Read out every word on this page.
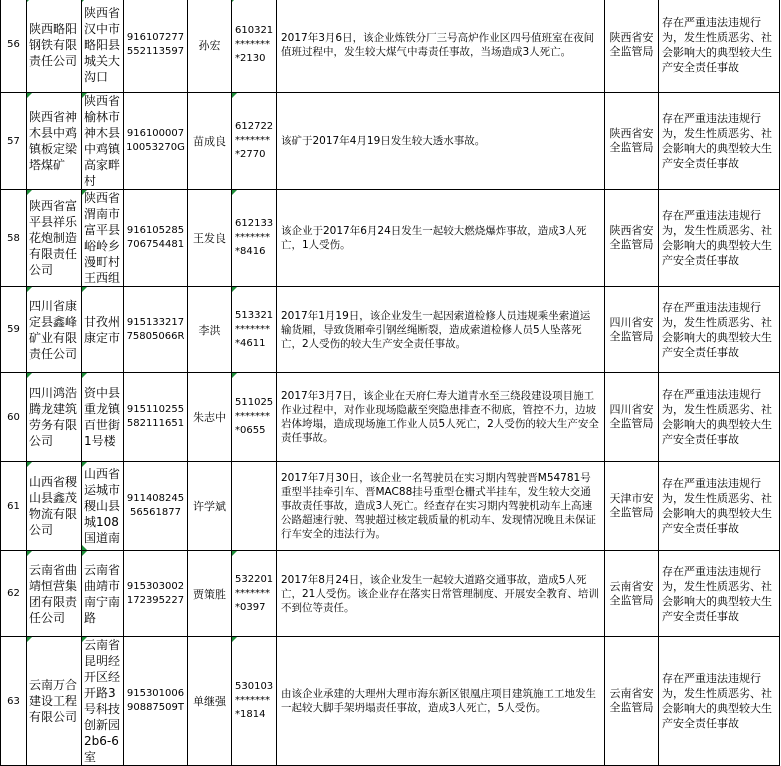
56	陕西略阳钢铁有限责任公司	陕西省汉中市略阳县城关大沟口	916107277552113597	孙宏	610321********2130	2017年3月6日，该企业炼铁分厂三号高炉作业区四号值班室在夜间值班过程中，发生较大煤气中毒责任事故，当场造成3人死亡。	陕西省安全监管局	存在严重违法违规行为，发生性质恶劣、社会影响大的典型较大生产安全责任事故
57	陕西省神木县中鸡镇板定梁塔煤矿	陕西省榆林市神木县中鸡镇高家畔村	91610000710053270G	苗成良	612722********2770	该矿于2017年4月19日发生较大透水事故。	陕西省安全监管局	存在严重违法违规行为，发生性质恶劣、社会影响大的典型较大生产安全责任事故
58	陕西省富平县祥乐花炮制造有限责任公司	陕西省渭南市富平县峪岭乡漫町村王西组	916105285706754481	王发良	612133********8416	该企业于2017年6月24日发生一起较大燃烧爆炸事故，造成3人死亡，1人受伤。	陕西省安全监管局	存在严重违法违规行为，发生性质恶劣、社会影响大的典型较大生产安全责任事故
59	四川省康定县鑫峰矿业有限责任公司	甘孜州康定市	91513321775805066R	李洪	513321********4611	2017年1月19日，该企业发生一起因索道检修人员违规乘坐索道运输货厢，导致货厢牵引钢丝绳断裂，造成索道检修人员5人坠落死亡，2人受伤的较大生产安全责任事故。	四川省安全监管局	存在严重违法违规行为，发生性质恶劣、社会影响大的典型较大生产安全责任事故
60	四川鸿浩腾龙建筑劳务有限公司	资中县重龙镇百世街1号楼	915110255582111651	朱志中	511025********0655	2017年3月7日，该企业在天府仁寿大道青水至三绕段建设项目施工作业过程中，对作业现场隐蔽至突隐患排查不彻底，管控不力，边坡岩体垮塌，造成现场施工作业人员5人死亡，2人受伤的较大生产安全责任事故。	四川省安全监管局	存在严重违法违规行为，发生性质恶劣、社会影响大的典型较大生产安全责任事故
61	山西省稷山县鑫茂物流有限公司	山西省运城市稷山县城108国道南	91140824556561877	许学斌		2017年7月30日，该企业一名驾驶员在实习期内驾驶晋M54781号重型半挂牵引车、晋MAC88挂号重型仓栅式半挂车，发生较大交通事故责任事故，造成3人死亡。经查存在实习期内驾驶机动车上高速公路超速行驶、驾驶超过核定载质量的机动车、发现情况晚且未保证行车安全的违法行为。	天津市安全监管局	存在严重违法违规行为，发生性质恶劣、社会影响大的典型较大生产安全责任事故
62	云南省曲靖恒营集团有限责任公司	云南省曲靖市南宁南路	915303002172395227	贾策胜	532201********0397	2017年8月24日，该企业发生一起较大道路交通事故，造成5人死亡，21人受伤。该企业存在落实日常管理制度、开展安全教育、培训不到位等责任。	云南省安全监管局	存在严重违法违规行为，发生性质恶劣、社会影响大的典型较大生产安全责任事故
63	云南万合建设工程有限公司	云南省昆明经开区经开路3号科技创新园2b6-6室	91530100690887509T	单继强	530103********1814	由该企业承建的大理州大理市海东新区银凰庄项目建筑施工工地发生一起较大脚手架坍塌责任事故，造成3人死亡，5人受伤。	云南省安全监管局	存在严重违法违规行为，发生性质恶劣、社会影响大的典型较大生产安全责任事故
